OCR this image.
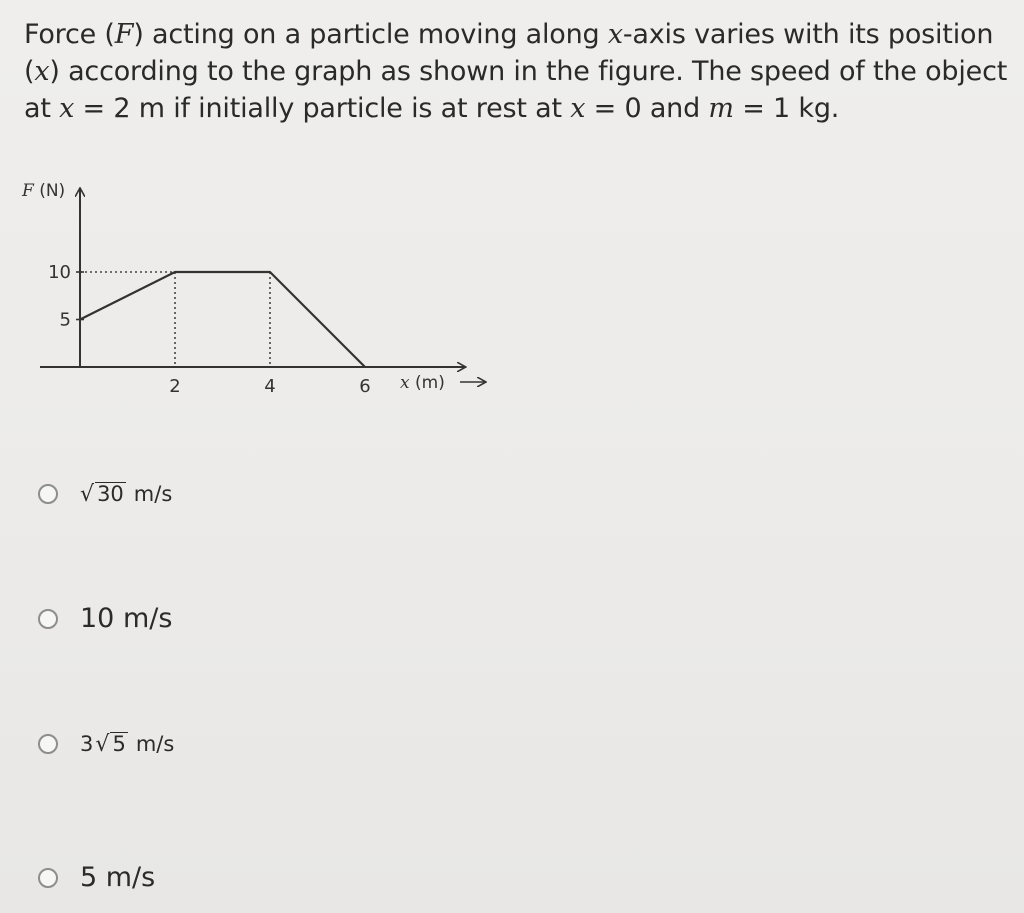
Force (F) acting on a particle moving along x-axis varies with its position (x) according to the graph as shown in the figure. The speed of the object at x = 2 m if initially particle is at rest at x = 0 and m = 1 kg.

2	4	6
10
5
F (N)
x (m)
√ 30 m/s
10 m/s
3 √ 5 m/s
5 m/s
